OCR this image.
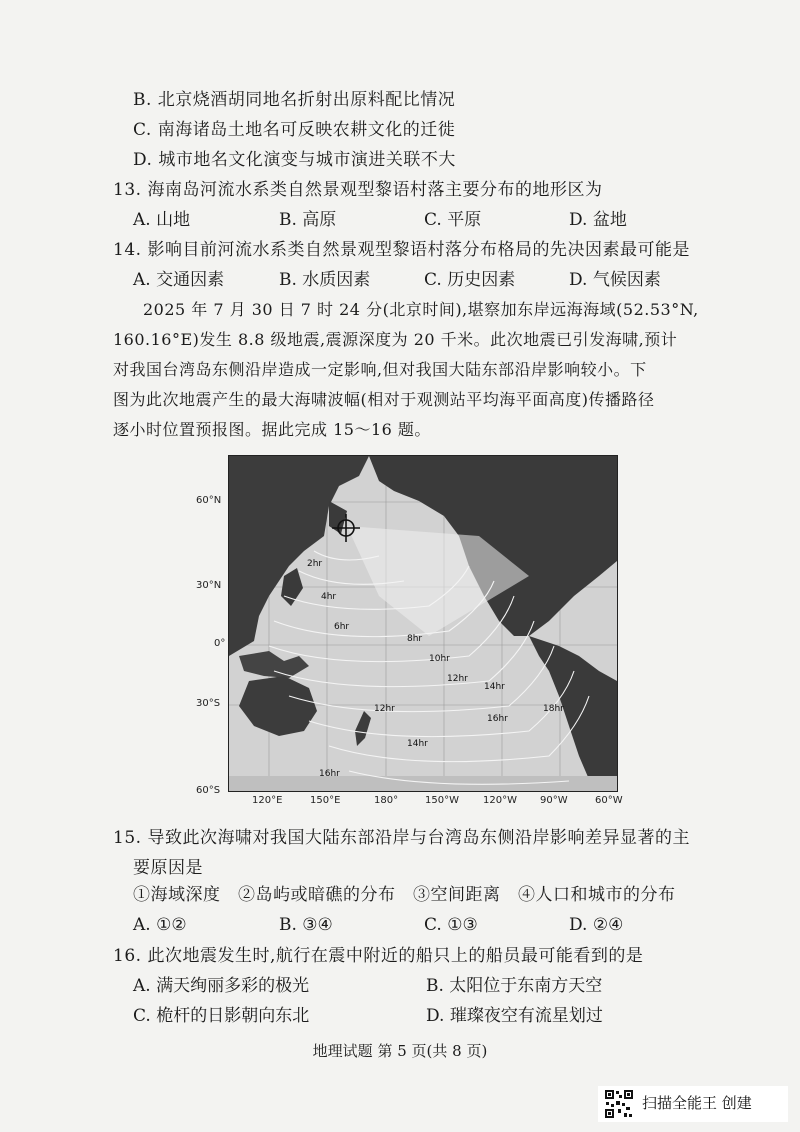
B. 北京烧酒胡同地名折射出原料配比情况
C. 南海诸岛土地名可反映农耕文化的迁徙
D. 城市地名文化演变与城市演进关联不大
13. 海南岛河流水系类自然景观型黎语村落主要分布的地形区为
A. 山地	B. 高原	C. 平原	D. 盆地
14. 影响目前河流水系类自然景观型黎语村落分布格局的先决因素最可能是
A. 交通因素	B. 水质因素	C. 历史因素	D. 气候因素
2025 年 7 月 30 日 7 时 24 分(北京时间),堪察加东岸远海海域(52.53°N,
160.16°E)发生 8.8 级地震,震源深度为 20 千米。此次地震已引发海啸,预计
对我国台湾岛东侧沿岸造成一定影响,但对我国大陆东部沿岸影响较小。下
图为此次地震产生的最大海啸波幅(相对于观测站平均海平面高度)传播路径
逐小时位置预报图。据此完成 15～16 题。
2hr
4hr
6hr
8hr
10hr
12hr
14hr
16hr
18hr
12hr
14hr
16hr
60°N
30°N
0°
30°S
60°S
120°E	150°E	180°	150°W 120°W 90°W	60°W
15. 导致此次海啸对我国大陆东部沿岸与台湾岛东侧沿岸影响差异显著的主
要原因是
①海域深度　②岛屿或暗礁的分布　③空间距离　④人口和城市的分布
A. ①②	B. ③④	C. ①③	D. ②④
16. 此次地震发生时,航行在震中附近的船只上的船员最可能看到的是
A. 满天绚丽多彩的极光	B. 太阳位于东南方天空
C. 桅杆的日影朝向东北	D. 璀璨夜空有流星划过
地理试题 第 5 页(共 8 页)
扫描全能王 创建
